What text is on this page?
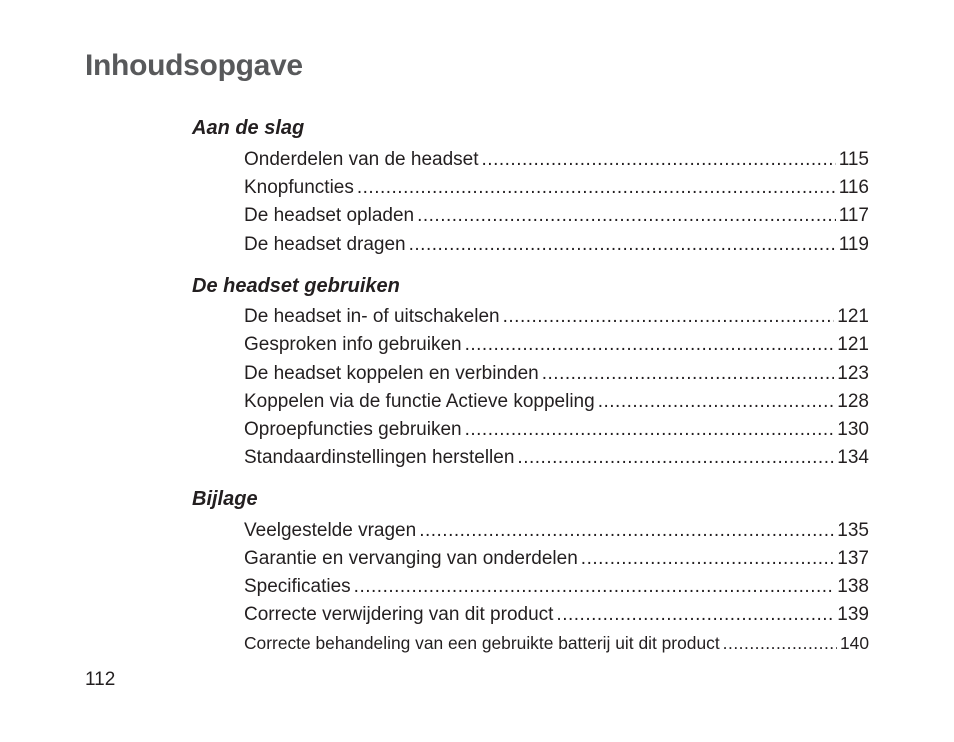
Inhoudsopgave
Aan de slag
Onderdelen van de headset .....	115
Knopfuncties .....	116
De headset opladen .....	117
De headset dragen .....	119
De headset gebruiken
De headset in- of uitschakelen .....	121
Gesproken info gebruiken .....	121
De headset koppelen en verbinden .....	123
Koppelen via de functie Actieve koppeling .....	128
Oproepfuncties gebruiken .....	130
Standaardinstellingen herstellen .....	134
Bijlage
Veelgestelde vragen .....	135
Garantie en vervanging van onderdelen .....	137
Specificaties .....	138
Correcte verwijdering van dit product .....	139
Correcte behandeling van een gebruikte batterij uit dit product .....	140
112
